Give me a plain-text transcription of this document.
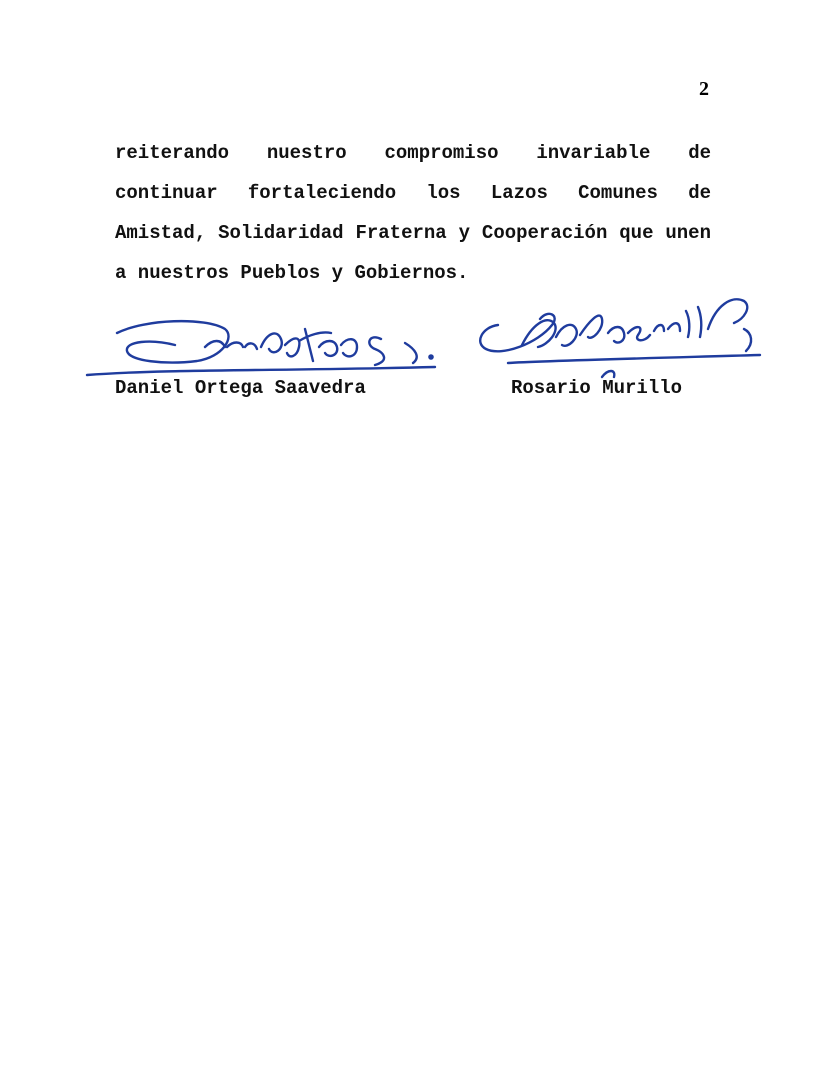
2

reiterando nuestro compromiso invariable de continuar fortaleciendo los Lazos Comunes de Amistad, Solidaridad Fraterna y Cooperación que unen a nuestros Pueblos y Gobiernos.

Daniel Ortega Saavedra	Rosario Murillo
